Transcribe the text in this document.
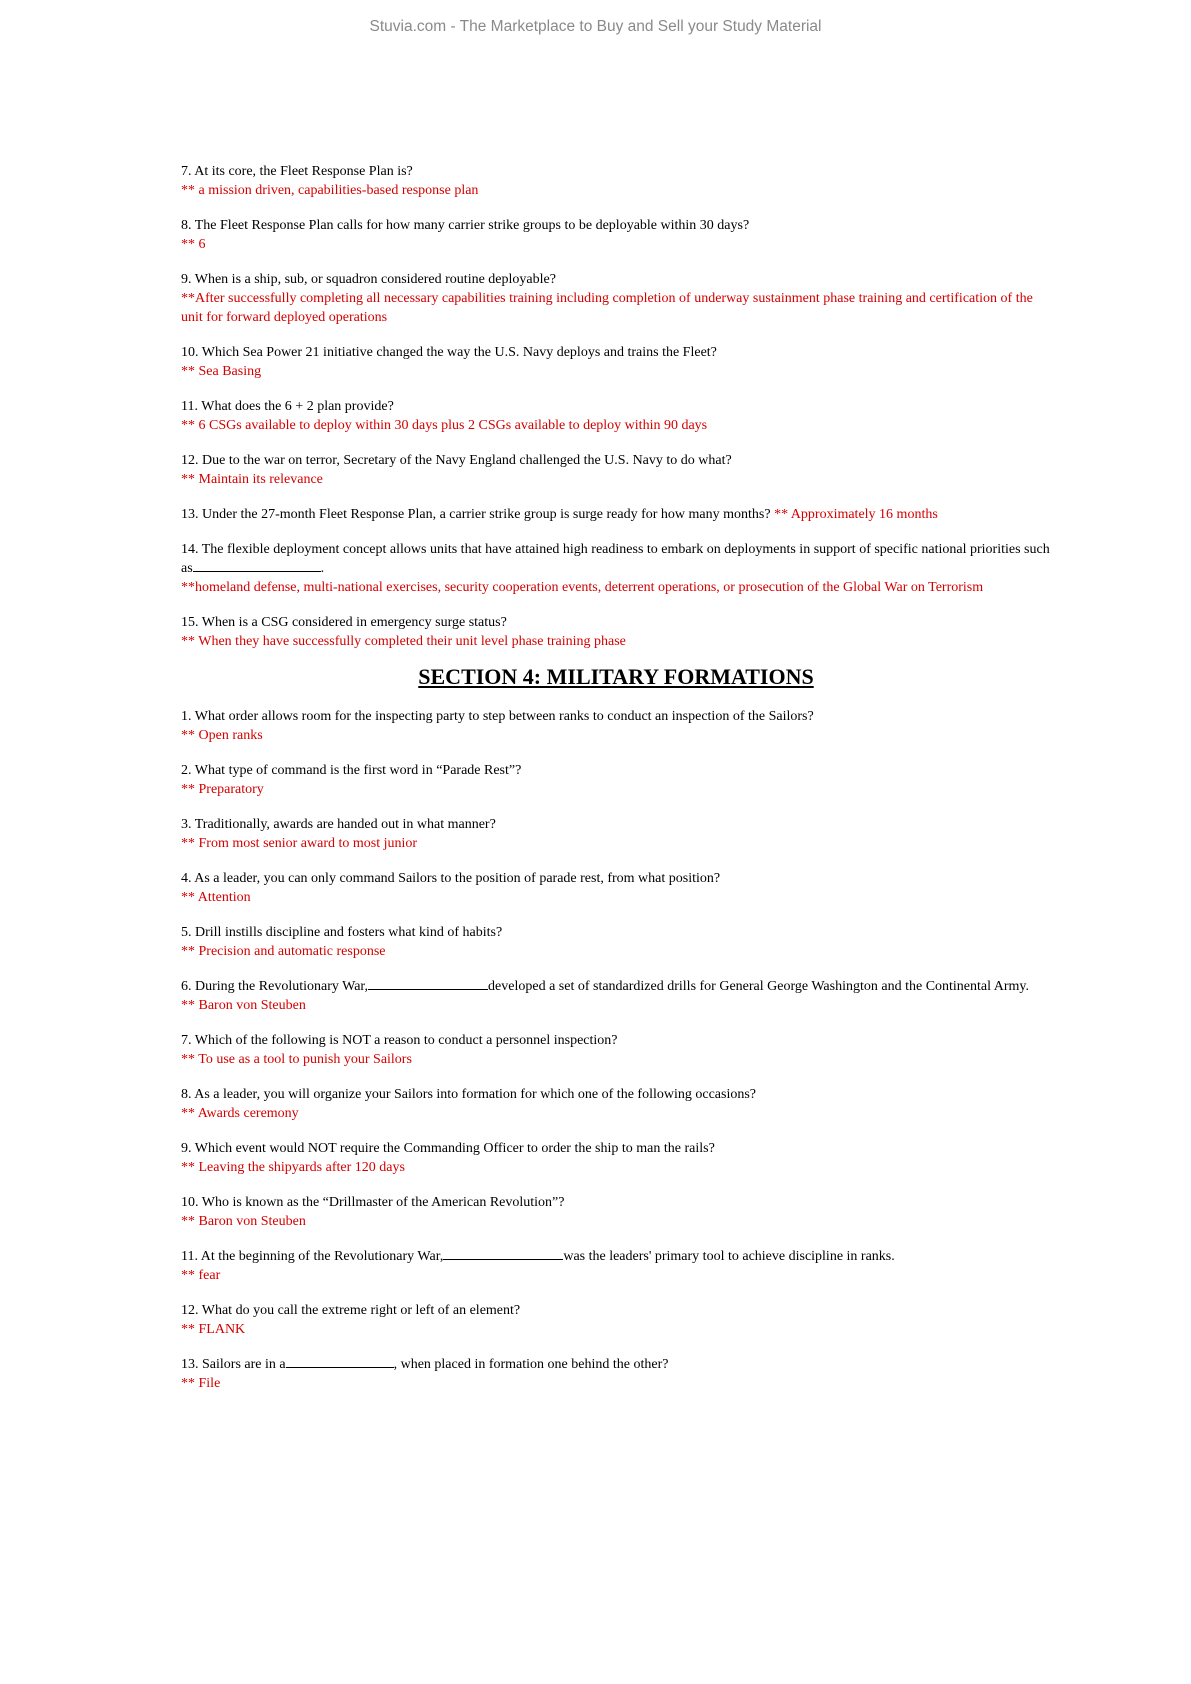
Stuvia.com - The Marketplace to Buy and Sell your Study Material
7. At its core, the Fleet Response Plan is?
** a mission driven, capabilities-based response plan
8. The Fleet Response Plan calls for how many carrier strike groups to be deployable within 30 days?
** 6
9. When is a ship, sub, or squadron considered routine deployable?
**After successfully completing all necessary capabilities training including completion of underway sustainment phase training and certification of the unit for forward deployed operations
10. Which Sea Power 21 initiative changed the way the U.S. Navy deploys and trains the Fleet?
** Sea Basing
11. What does the 6 + 2 plan provide?
** 6 CSGs available to deploy within 30 days plus 2 CSGs available to deploy within 90 days
12. Due to the war on terror, Secretary of the Navy England challenged the U.S. Navy to do what?
** Maintain its relevance
13. Under the 27-month Fleet Response Plan, a carrier strike group is surge ready for how many months? ** Approximately 16 months
14. The flexible deployment concept allows units that have attained high readiness to embark on deployments in support of specific national priorities such as	.
**homeland defense, multi-national exercises, security cooperation events, deterrent operations, or prosecution of the Global War on Terrorism
15. When is a CSG considered in emergency surge status?
** When they have successfully completed their unit level phase training phase
SECTION 4: MILITARY FORMATIONS
1. What order allows room for the inspecting party to step between ranks to conduct an inspection of the Sailors?
** Open ranks
2. What type of command is the first word in “Parade Rest”?
** Preparatory
3. Traditionally, awards are handed out in what manner?
** From most senior award to most junior
4. As a leader, you can only command Sailors to the position of parade rest, from what position?
** Attention
5. Drill instills discipline and fosters what kind of habits?
** Precision and automatic response
6. During the Revolutionary War,	developed a set of standardized drills for General George Washington and the Continental Army.
** Baron von Steuben
7. Which of the following is NOT a reason to conduct a personnel inspection?
** To use as a tool to punish your Sailors
8. As a leader, you will organize your Sailors into formation for which one of the following occasions?
** Awards ceremony
9. Which event would NOT require the Commanding Officer to order the ship to man the rails?
** Leaving the shipyards after 120 days
10. Who is known as the “Drillmaster of the American Revolution”?
** Baron von Steuben
11. At the beginning of the Revolutionary War,	was the leaders' primary tool to achieve discipline in ranks.
** fear
12. What do you call the extreme right or left of an element?
** FLANK
13. Sailors are in a	, when placed in formation one behind the other?
** File
